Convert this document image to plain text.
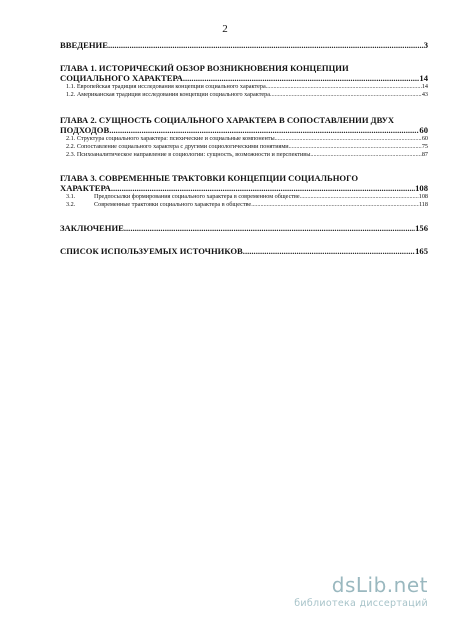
2
ВВЕДЕНИЕ .....	3
ГЛАВА 1. ИСТОРИЧЕСКИЙ ОБЗОР ВОЗНИКНОВЕНИЯ КОНЦЕПЦИИ
СОЦИАЛЬНОГО ХАРАКТЕРА .....	14
1.1. Европейская традиция исследования концепции социального характера .....	14
1.2. Американская традиция исследования концепции социального характера .....	43
ГЛАВА 2. СУЩНОСТЬ СОЦИАЛЬНОГО ХАРАКТЕРА В СОПОСТАВЛЕНИИ ДВУХ
ПОДХОДОВ .....	60
2.1. Структура социального характера: психические и социальные компоненты .....	60
2.2. Сопоставление социального характера с другими социологическими понятиями .....	75
2.3. Психоаналитическое направление в социологии: сущность, возможности и перспективы .....	87
ГЛАВА 3. СОВРЕМЕННЫЕ ТРАКТОВКИ КОНЦЕПЦИИ СОЦИАЛЬНОГО
ХАРАКТЕРА .....	108
3.1.	Предпосылки формирования социального характера в современном обществе .....	108
3.2.	Современные трактовки социального характера в обществе .....	118
ЗАКЛЮЧЕНИЕ .....	156
СПИСОК ИСПОЛЬЗУЕМЫХ ИСТОЧНИКОВ .....	165
dsLib.net
библиотека диссертаций
